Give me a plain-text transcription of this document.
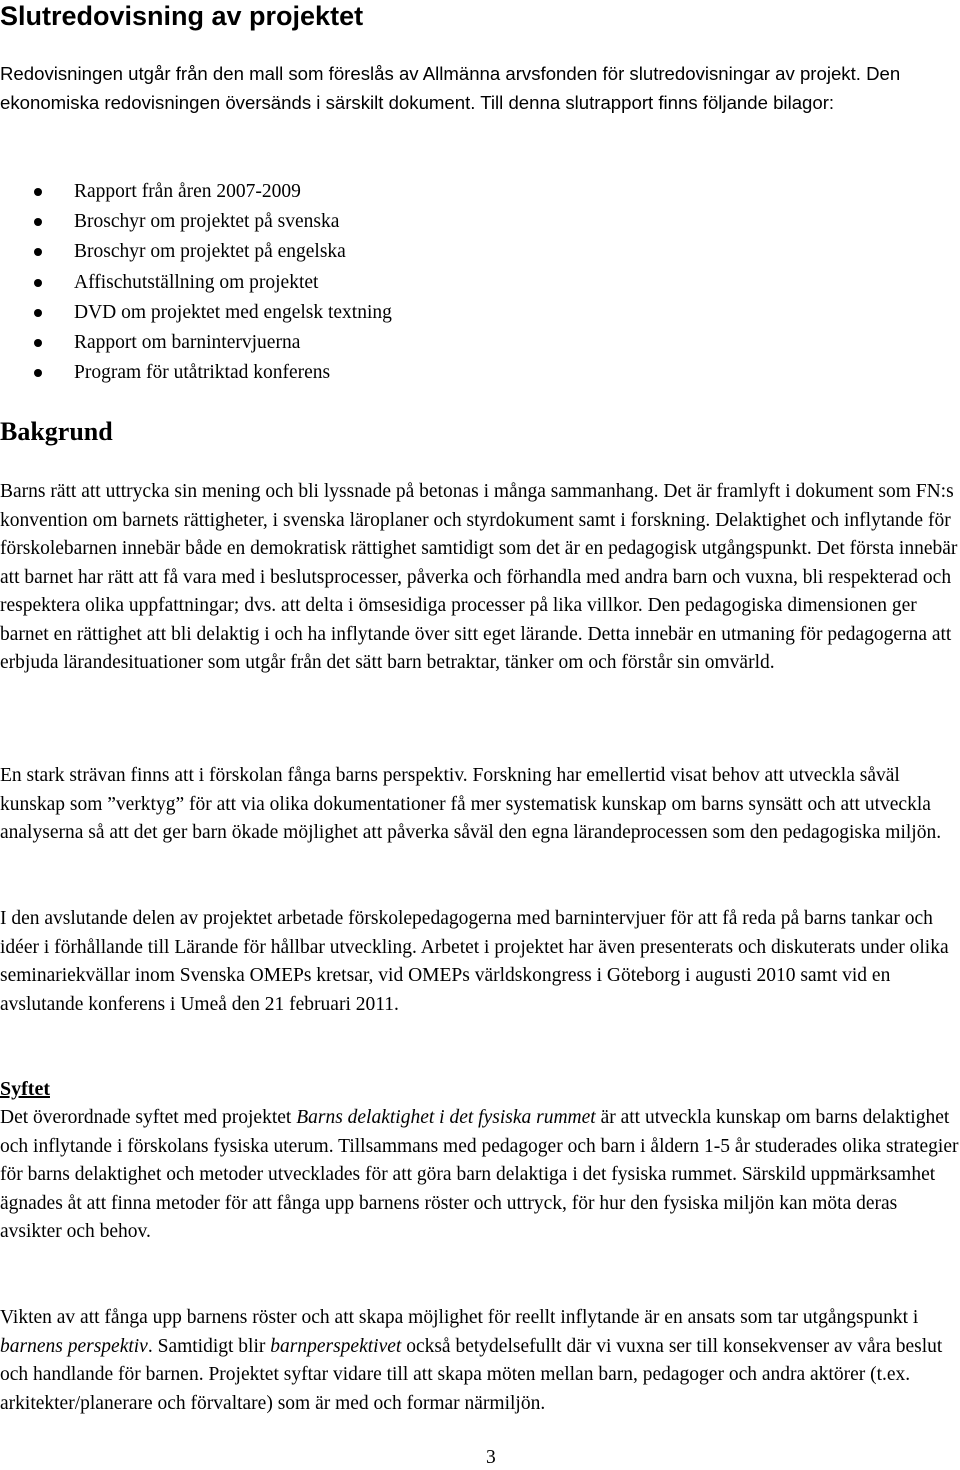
Slutredovisning av projektet

Redovisningen utgår från den mall som föreslås av Allmänna arvsfonden för slutredovisningar av projekt. Den ekonomiska redovisningen översänds i särskilt dokument. Till denna slutrapport finns följande bilagor:

Rapport från åren 2007-2009
Broschyr om projektet på svenska
Broschyr om projektet på engelska
Affischutställning om projektet
DVD om projektet med engelsk textning
Rapport om barnintervjuerna
Program för utåtriktad konferens
Bakgrund

Barns rätt att uttrycka sin mening och bli lyssnade på betonas i många sammanhang. Det är framlyft i dokument som FN:s konvention om barnets rättigheter, i svenska läroplaner och styrdokument samt i forskning. Delaktighet och inflytande för förskolebarnen innebär både en demokratisk rättighet samtidigt som det är en pedagogisk utgångspunkt. Det första innebär att barnet har rätt att få vara med i beslutsprocesser, påverka och förhandla med andra barn och vuxna, bli respekterad och respektera olika uppfattningar; dvs. att delta i ömsesidiga processer på lika villkor. Den pedagogiska dimensionen ger barnet en rättighet att bli delaktig i och ha inflytande över sitt eget lärande. Detta innebär en utmaning för pedagogerna att erbjuda lärandesituationer som utgår från det sätt barn betraktar, tänker om och förstår sin omvärld.

En stark strävan finns att i förskolan fånga barns perspektiv. Forskning har emellertid visat behov att utveckla såväl kunskap som ”verktyg” för att via olika dokumentationer få mer systematisk kunskap om barns synsätt och att utveckla analyserna så att det ger barn ökade möjlighet att påverka såväl den egna lärandeprocessen som den pedagogiska miljön.

I den avslutande delen av projektet arbetade förskolepedagogerna med barnintervjuer för att få reda på barns tankar och idéer i förhållande till Lärande för hållbar utveckling. Arbetet i projektet har även presenterats och diskuterats under olika seminariekvällar inom Svenska OMEPs kretsar, vid OMEPs världskongress i Göteborg i augusti 2010 samt vid en avslutande konferens i Umeå den 21 februari 2011.

Syftet

Det överordnade syftet med projektet Barns delaktighet i det fysiska rummet är att utveckla kunskap om barns delaktighet och inflytande i förskolans fysiska uterum. Tillsammans med pedagoger och barn i åldern 1-5 år studerades olika strategier för barns delaktighet och metoder utvecklades för att göra barn delaktiga i det fysiska rummet. Särskild uppmärksamhet ägnades åt att finna metoder för att fånga upp barnens röster och uttryck, för hur den fysiska miljön kan möta deras avsikter och behov.

Vikten av att fånga upp barnens röster och att skapa möjlighet för reellt inflytande är en ansats som tar utgångspunkt i barnens perspektiv. Samtidigt blir barnperspektivet också betydelsefullt där vi vuxna ser till konsekvenser av våra beslut och handlande för barnen. Projektet syftar vidare till att skapa möten mellan barn, pedagoger och andra aktörer (t.ex. arkitekter/planerare och förvaltare) som är med och formar närmiljön.

3
